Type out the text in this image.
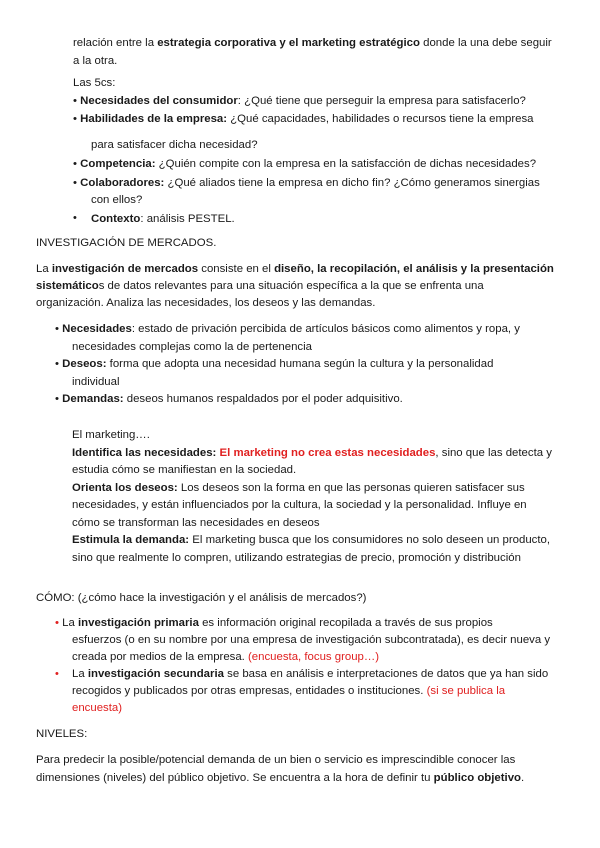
relación entre la estrategia corporativa y el marketing estratégico donde la una debe seguir
a la otra.
Las 5cs:
• Necesidades del consumidor: ¿Qué tiene que perseguir la empresa para satisfacerlo?
• Habilidades de la empresa: ¿Qué capacidades, habilidades o recursos tiene la empresa
para satisfacer dicha necesidad?
• Competencia: ¿Quién compite con la empresa en la satisfacción de dichas necesidades?
• Colaboradores: ¿Qué aliados tiene la empresa en dicho fin? ¿Cómo generamos sinergias
con ellos?
• Contexto: análisis PESTEL.
INVESTIGACIÓN DE MERCADOS.
La investigación de mercados consiste en el diseño, la recopilación, el análisis y la presentación
sistemáticos de datos relevantes para una situación específica a la que se enfrenta una
organización. Analiza las necesidades, los deseos y las demandas.
• Necesidades: estado de privación percibida de artículos básicos como alimentos y ropa, y
necesidades complejas como la de pertenencia
• Deseos: forma que adopta una necesidad humana según la cultura y la personalidad
individual
• Demandas: deseos humanos respaldados por el poder adquisitivo.
El marketing….
Identifica las necesidades: El marketing no crea estas necesidades, sino que las detecta y
estudia cómo se manifiestan en la sociedad.
Orienta los deseos: Los deseos son la forma en que las personas quieren satisfacer sus
necesidades, y están influenciados por la cultura, la sociedad y la personalidad. Influye en
cómo se transforman las necesidades en deseos
Estimula la demanda: El marketing busca que los consumidores no solo deseen un producto,
sino que realmente lo compren, utilizando estrategias de precio, promoción y distribución
CÓMO: (¿cómo hace la investigación y el análisis de mercados?)
• La investigación primaria es información original recopilada a través de sus propios
esfuerzos (o en su nombre por una empresa de investigación subcontratada), es decir nueva y
creada por medios de la empresa. (encuesta, focus group…)
• La investigación secundaria se basa en análisis e interpretaciones de datos que ya han sido
recogidos y publicados por otras empresas, entidades o instituciones. (si se publica la
encuesta)
NIVELES:
Para predecir la posible/potencial demanda de un bien o servicio es imprescindible conocer las
dimensiones (niveles) del público objetivo. Se encuentra a la hora de definir tu público objetivo.
